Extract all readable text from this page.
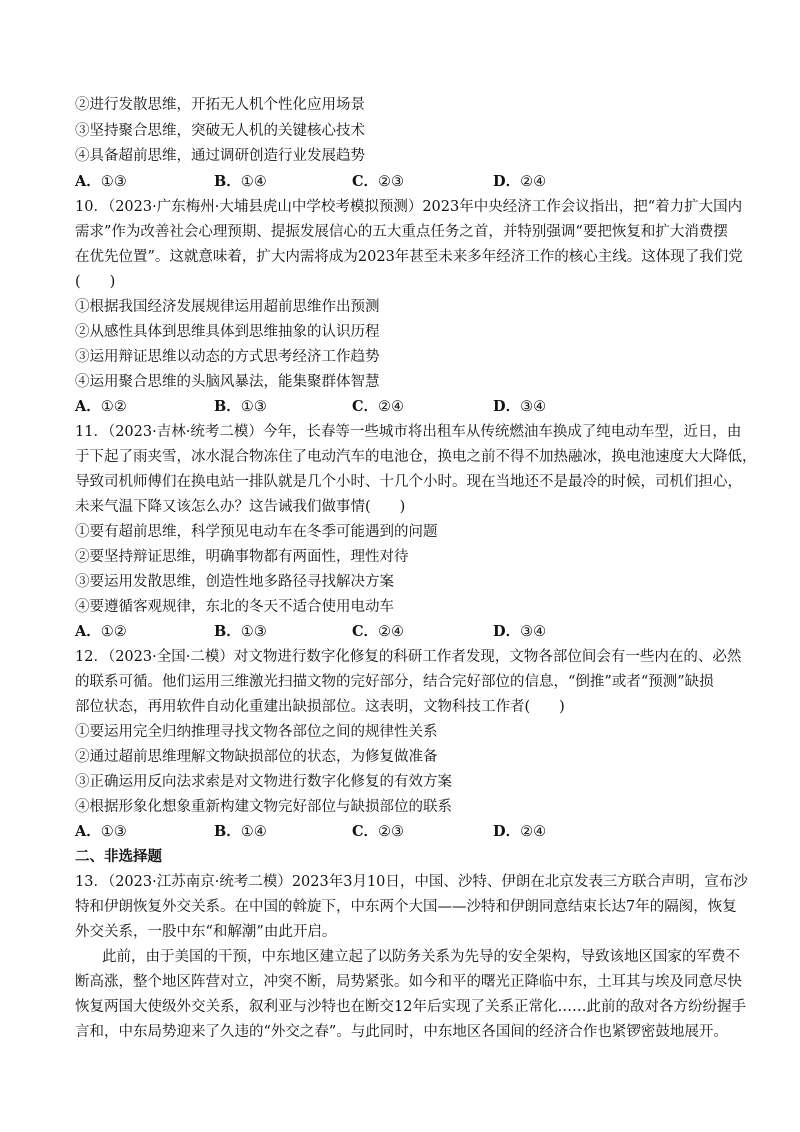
②进行发散思维，开拓无人机个性化应用场景
③坚持聚合思维，突破无人机的关键核心技术
④具备超前思维，通过调研创造行业发展趋势
A．①③	B．①④	C．②③	D．②④
10．（2023·广东梅州·大埔县虎山中学校考模拟预测）2023年中央经济工作会议指出，把“着力扩大国内
需求”作为改善社会心理预期、提振发展信心的五大重点任务之首，并特别强调“要把恢复和扩大消费摆
在优先位置”。这就意味着，扩大内需将成为2023年甚至未来多年经济工作的核心主线。这体现了我们党
(　　)
①根据我国经济发展规律运用超前思维作出预测
②从感性具体到思维具体到思维抽象的认识历程
③运用辩证思维以动态的方式思考经济工作趋势
④运用聚合思维的头脑风暴法，能集聚群体智慧
A．①②	B．①③	C．②④	D．③④
11．（2023·吉林·统考二模）今年，长春等一些城市将出租车从传统燃油车换成了纯电动车型，近日，由
于下起了雨夹雪，冰水混合物冻住了电动汽车的电池仓，换电之前不得不加热融冰，换电池速度大大降低，
导致司机师傅们在换电站一排队就是几个小时、十几个小时。现在当地还不是最冷的时候，司机们担心，
未来气温下降又该怎么办？这告诫我们做事情(　　)
①要有超前思维，科学预见电动车在冬季可能遇到的问题
②要坚持辩证思维，明确事物都有两面性，理性对待
③要运用发散思维，创造性地多路径寻找解决方案
④要遵循客观规律，东北的冬天不适合使用电动车
A．①②	B．①③	C．②④	D．③④
12．（2023·全国·二模）对文物进行数字化修复的科研工作者发现，文物各部位间会有一些内在的、必然
的联系可循。他们运用三维激光扫描文物的完好部分，结合完好部位的信息，“倒推”或者“预测”缺损
部位状态，再用软件自动化重建出缺损部位。这表明，文物科技工作者(　　)
①要运用完全归纳推理寻找文物各部位之间的规律性关系
②通过超前思维理解文物缺损部位的状态，为修复做准备
③正确运用反向法求索是对文物进行数字化修复的有效方案
④根据形象化想象重新构建文物完好部位与缺损部位的联系
A．①③	B．①④	C．②③	D．②④
二、非选择题
13．（2023·江苏南京·统考二模）2023年3月10日，中国、沙特、伊朗在北京发表三方联合声明，宣布沙
特和伊朗恢复外交关系。在中国的斡旋下，中东两个大国——沙特和伊朗同意结束长达7年的隔阂，恢复
外交关系，一股中东“和解潮”由此开启。
此前，由于美国的干预，中东地区建立起了以防务关系为先导的安全架构，导致该地区国家的军费不
断高涨，整个地区阵营对立，冲突不断，局势紧张。如今和平的曙光正降临中东，土耳其与埃及同意尽快
恢复两国大使级外交关系，叙利亚与沙特也在断交12年后实现了关系正常化……此前的敌对各方纷纷握手
言和，中东局势迎来了久违的“外交之春”。与此同时，中东地区各国间的经济合作也紧锣密鼓地展开。
